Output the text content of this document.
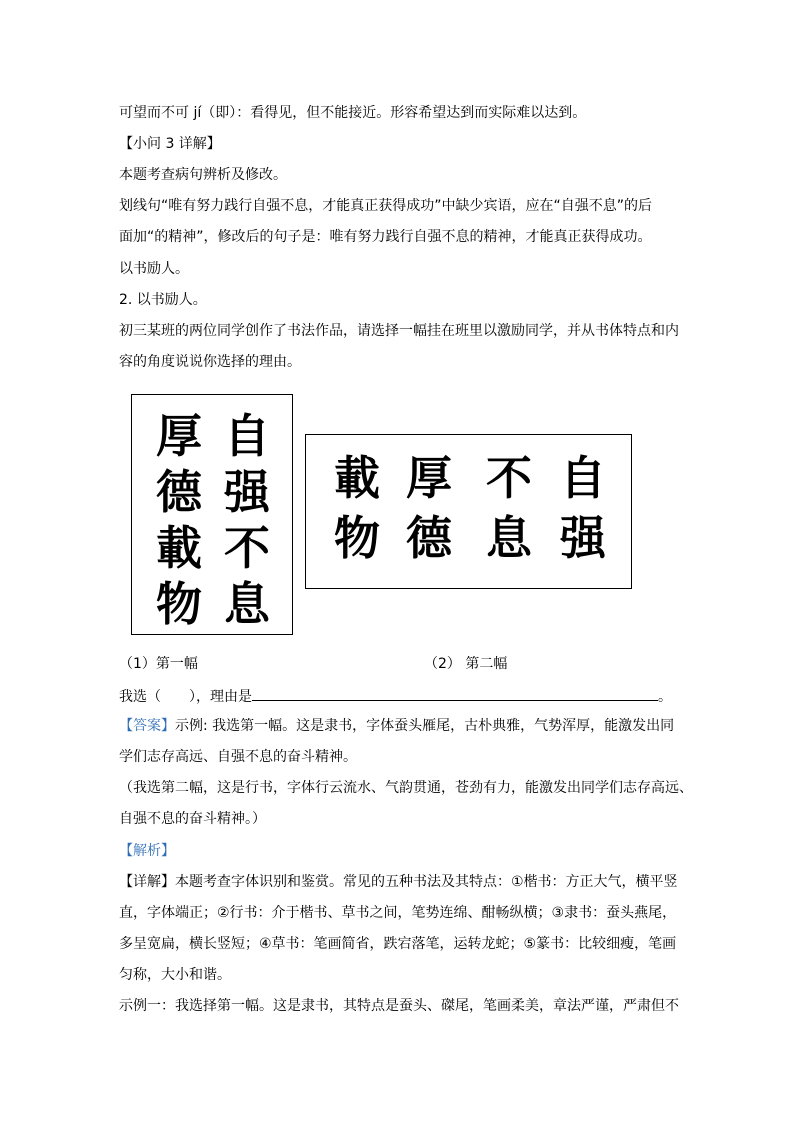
可望而不可 jí（即）：看得见，但不能接近。形容希望达到而实际难以达到。
【小问 3 详解】
本题考查病句辨析及修改。
划线句“唯有努力践行自强不息，才能真正获得成功”中缺少宾语，应在“自强不息”的后
面加“的精神”，修改后的句子是：唯有努力践行自强不息的精神，才能真正获得成功。
以书励人。
2. 以书励人。
初三某班的两位同学创作了书法作品，请选择一幅挂在班里以激励同学，并从书体特点和内
容的角度说说你选择的理由。
自
强
不
息
厚
德
載
物
載 厚 不 自
物 德 息 强
（1）第一幅	（2） 第二幅
我选（　　），理由是	。
【答案】示例: 我选第一幅。这是隶书，字体蚕头雁尾，古朴典雅，气势浑厚，能激发出同
学们志存高远、自强不息的奋斗精神。
（我选第二幅，这是行书，字体行云流水、气韵贯通，苍劲有力，能激发出同学们志存高远、
自强不息的奋斗精神。）
【解析】
【详解】本题考查字体识别和鉴赏。常见的五种书法及其特点：①楷书：方正大气，横平竖
直，字体端正；②行书：介于楷书、草书之间，笔势连绵、酣畅纵横；③隶书：蚕头燕尾，
多呈宽扁，横长竖短；④草书：笔画简省，跌宕落笔，运转龙蛇；⑤篆书：比较细瘦，笔画
匀称，大小和谐。
示例一：我选择第一幅。这是隶书，其特点是蚕头、磔尾，笔画柔美，章法严谨，严肃但不
